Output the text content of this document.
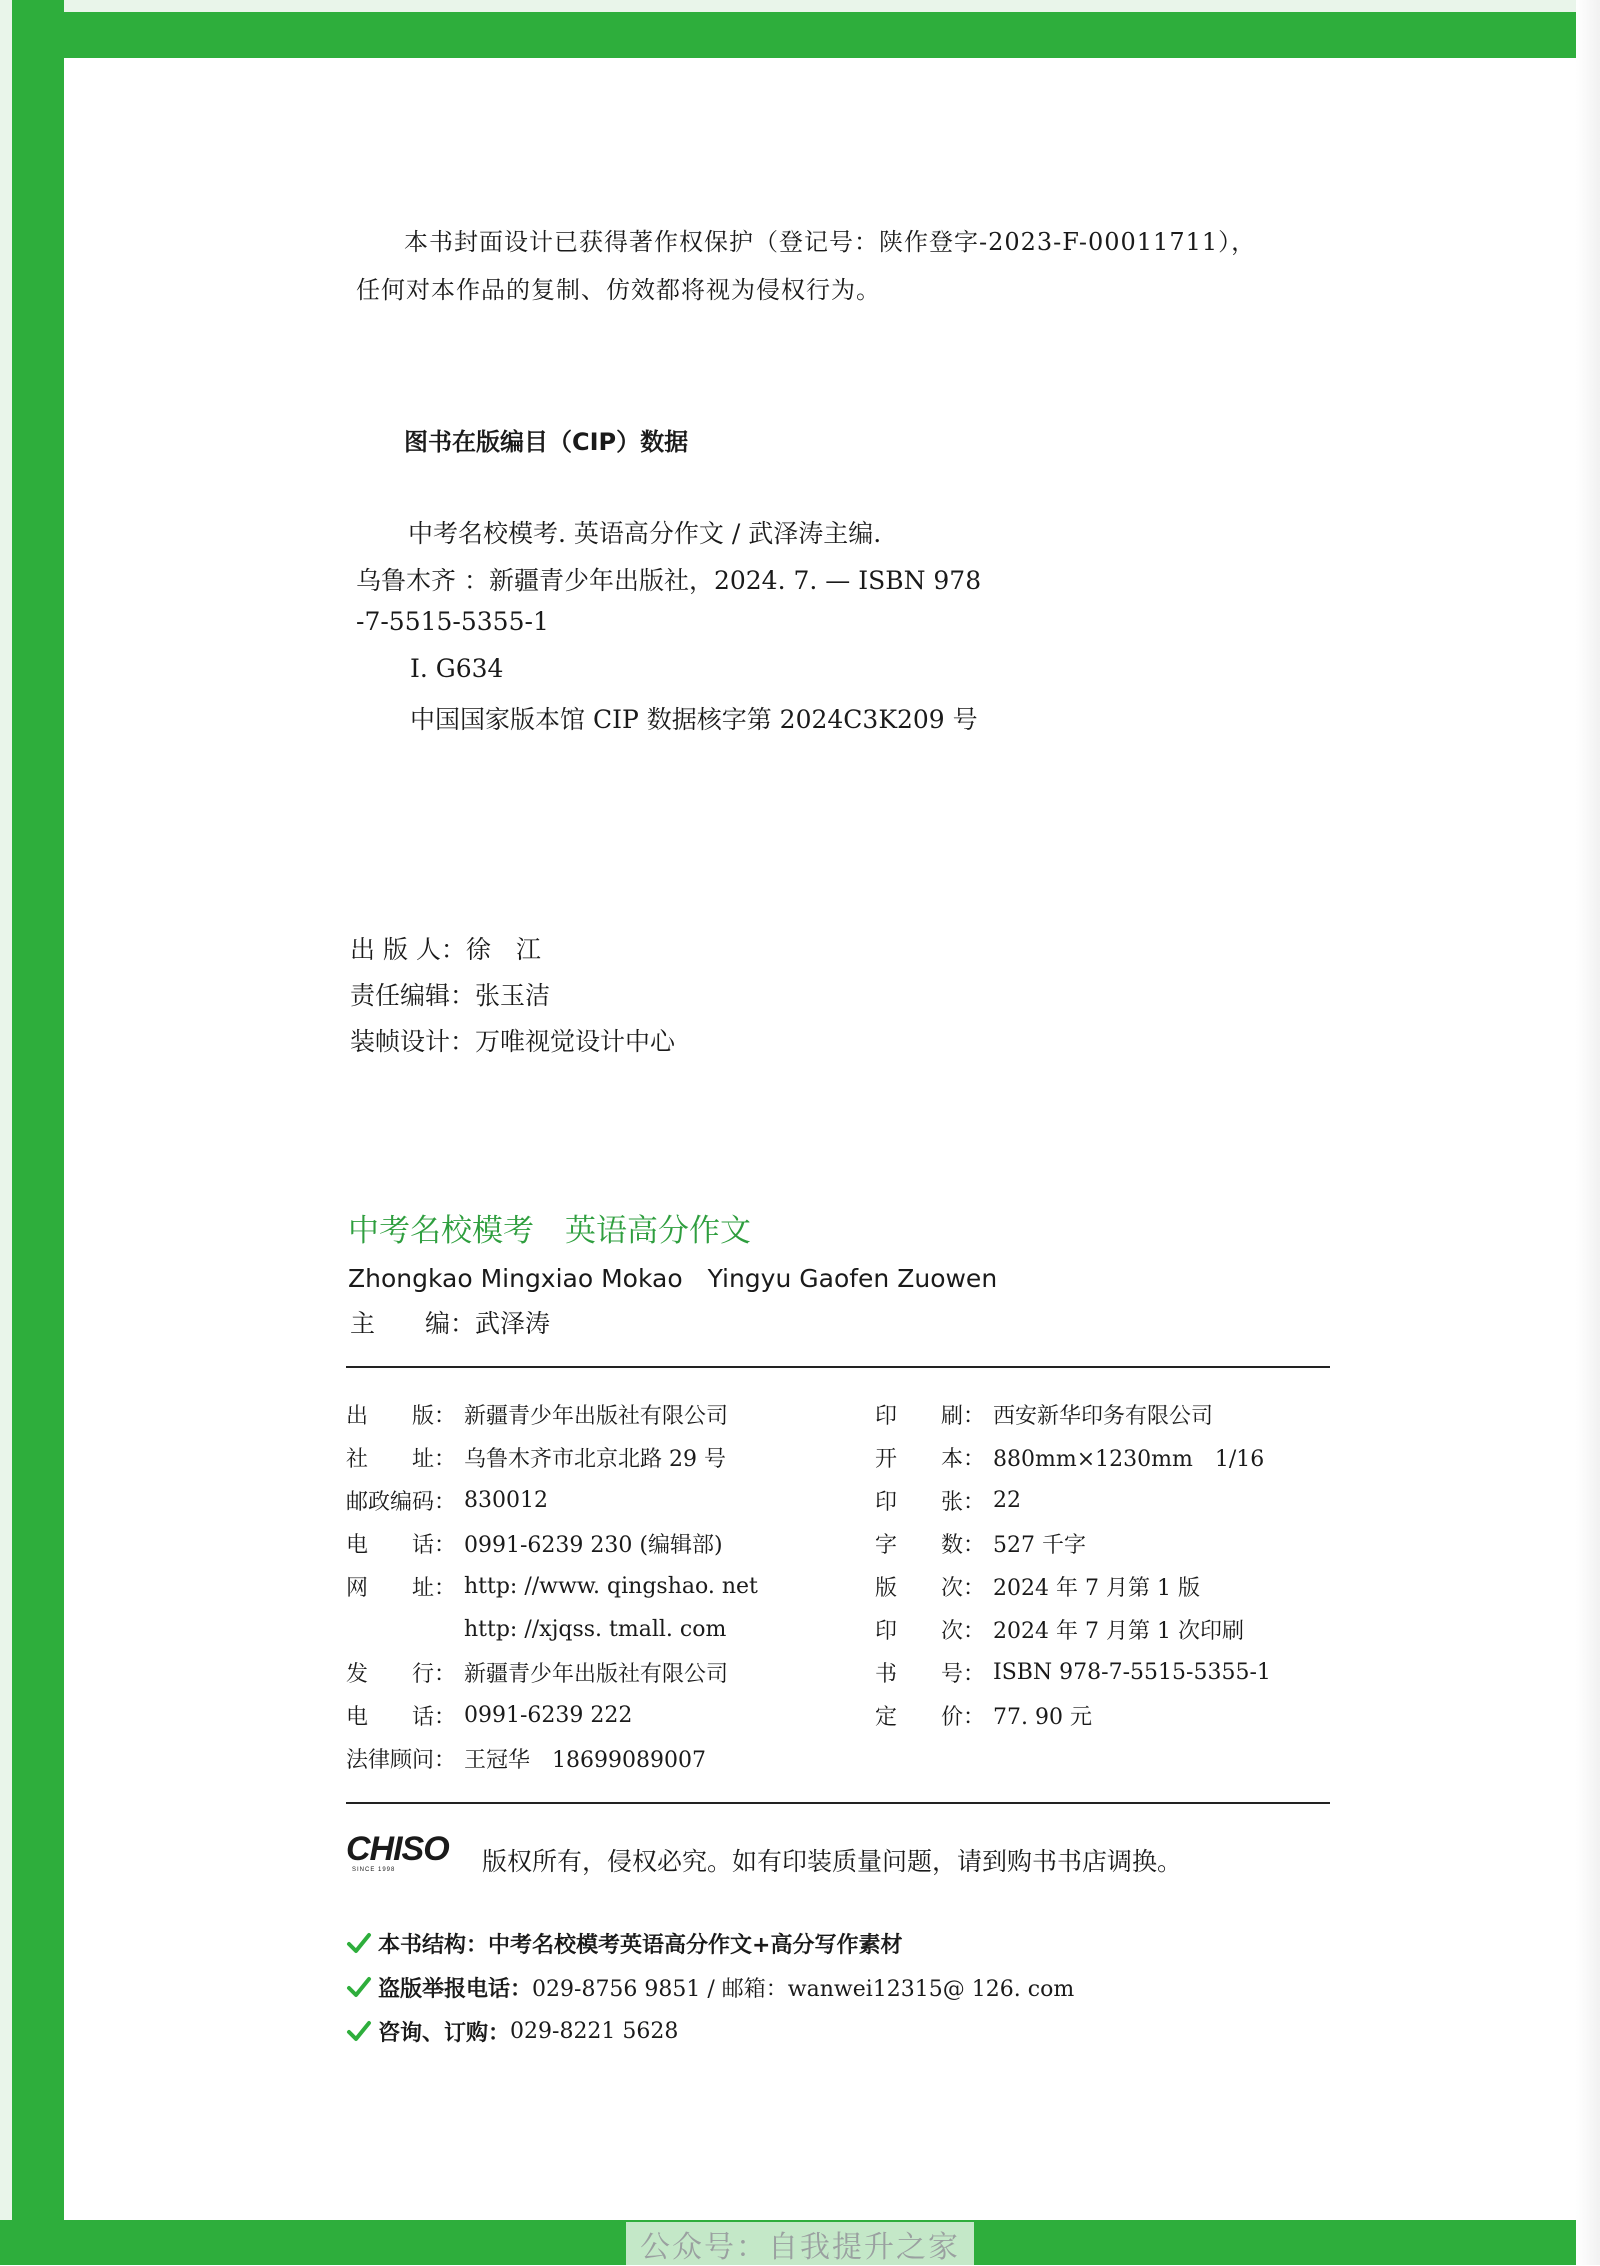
本书封面设计已获得著作权保护（登记号：陕作登字-2023-F-00011711），
任何对本作品的复制、仿效都将视为侵权行为。
图书在版编目（CIP）数据
中考名校模考. 英语高分作文 / 武泽涛主编.
乌鲁木齐 ：新疆青少年出版社，2024. 7. — ISBN 978
-7-5515-5355-1
Ⅰ. G634
中国国家版本馆 CIP 数据核字第 2024C3K209 号
出 版 人：徐　江
责任编辑：张玉洁
装帧设计：万唯视觉设计中心
中考名校模考　英语高分作文
Zhongkao Mingxiao Mokao　Yingyu Gaofen Zuowen
主　　编：武泽涛
出　　版： 新疆青少年出版社有限公司
社　　址： 乌鲁木齐市北京北路 29 号
邮政编码： 830012
电　　话： 0991-6239 230 (编辑部)
网　　址： http: //www. qingshao. net
http: //xjqss. tmall. com
发　　行： 新疆青少年出版社有限公司
电　　话： 0991-6239 222
法律顾问： 王冠华　18699089007
印　　刷： 西安新华印务有限公司
开　　本： 880mm×1230mm　1/16
印　　张： 22
字　　数： 527 千字
版　　次： 2024 年 7 月第 1 版
印　　次： 2024 年 7 月第 1 次印刷
书　　号： ISBN 978-7-5515-5355-1
定　　价： 77. 90 元
CHISO
SINCE 1998	版权所有，侵权必究。如有印装质量问题，请到购书书店调换。
本书结构： 中考名校模考英语高分作文+高分写作素材
盗版举报电话： 029-8756 9851 / 邮箱：wanwei12315@ 126. com
咨询、订购： 029-8221 5628
公众号：自我提升之家
